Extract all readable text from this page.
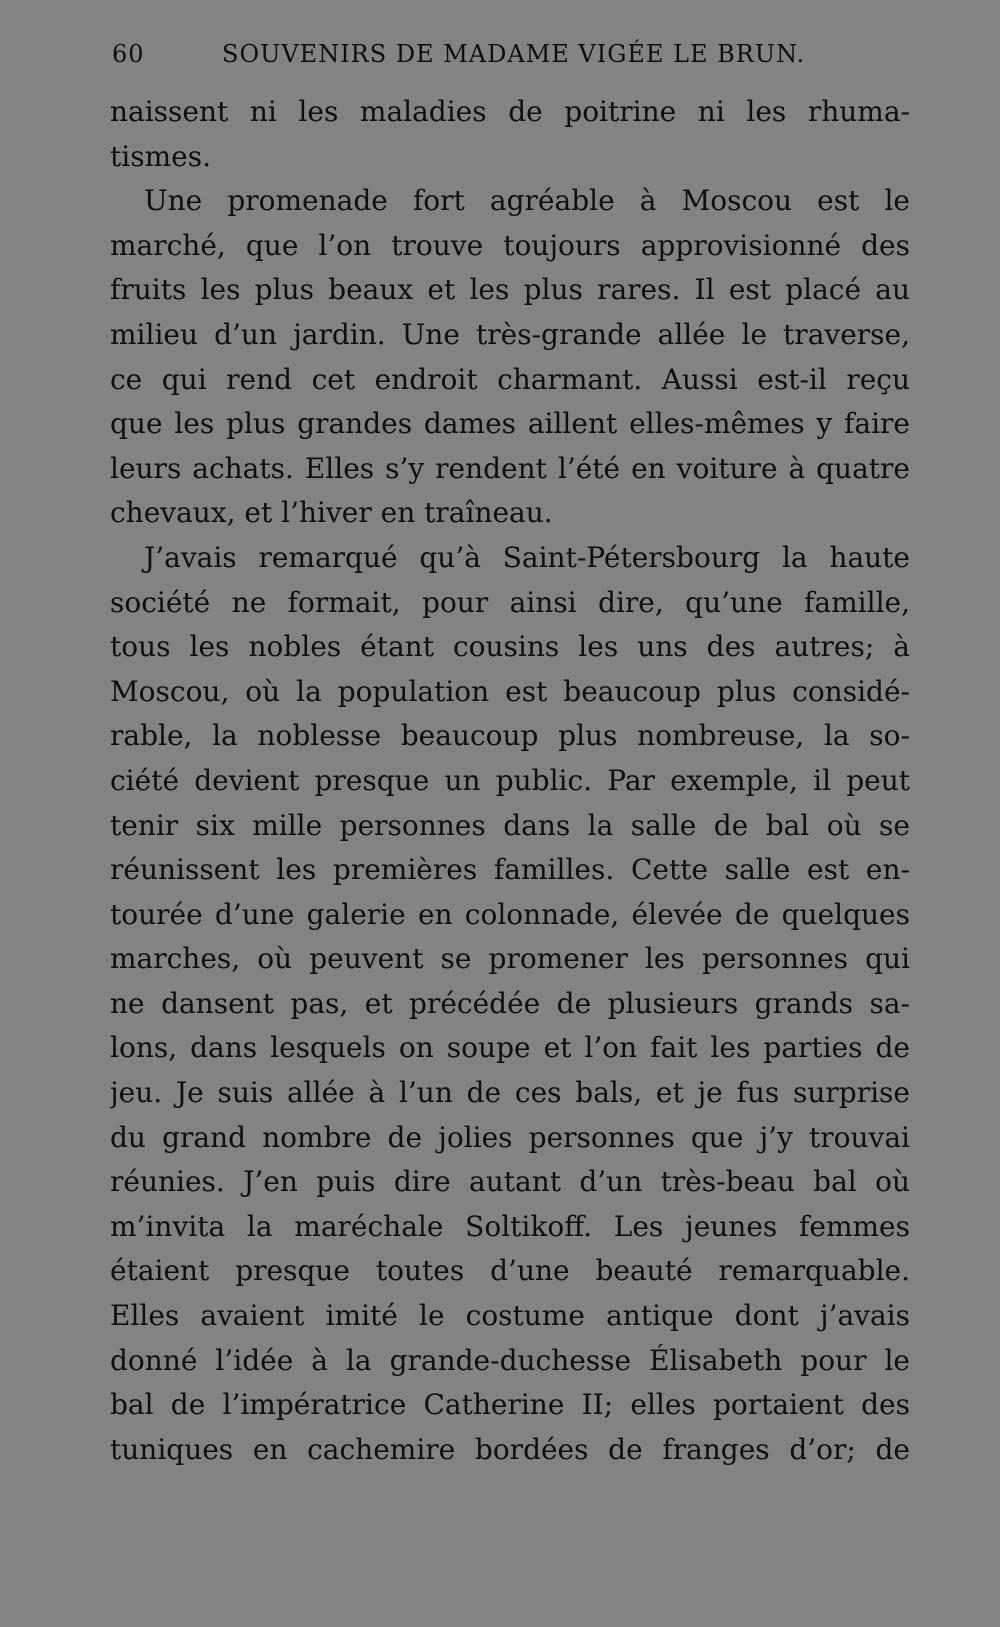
60	SOUVENIRS DE MADAME VIGÉE LE BRUN.
naissent ni les maladies de poitrine ni les rhuma-
tismes.
Une promenade fort agréable à Moscou est le
marché, que l’on trouve toujours approvisionné des
fruits les plus beaux et les plus rares. Il est placé au
milieu d’un jardin. Une très-grande allée le traverse,
ce qui rend cet endroit charmant. Aussi est-il reçu
que les plus grandes dames aillent elles-mêmes y faire
leurs achats. Elles s’y rendent l’été en voiture à quatre
chevaux, et l’hiver en traîneau.
J’avais remarqué qu’à Saint-Pétersbourg la haute
société ne formait, pour ainsi dire, qu’une famille,
tous les nobles étant cousins les uns des autres; à
Moscou, où la population est beaucoup plus considé-
rable, la noblesse beaucoup plus nombreuse, la so-
ciété devient presque un public. Par exemple, il peut
tenir six mille personnes dans la salle de bal où se
réunissent les premières familles. Cette salle est en-
tourée d’une galerie en colonnade, élevée de quelques
marches, où peuvent se promener les personnes qui
ne dansent pas, et précédée de plusieurs grands sa-
lons, dans lesquels on soupe et l’on fait les parties de
jeu. Je suis allée à l’un de ces bals, et je fus surprise
du grand nombre de jolies personnes que j’y trouvai
réunies. J’en puis dire autant d’un très-beau bal où
m’invita la maréchale Soltikoff. Les jeunes femmes
étaient presque toutes d’une beauté remarquable.
Elles avaient imité le costume antique dont j’avais
donné l’idée à la grande-duchesse Élisabeth pour le
bal de l’impératrice Catherine II; elles portaient des
tuniques en cachemire bordées de franges d’or; de
